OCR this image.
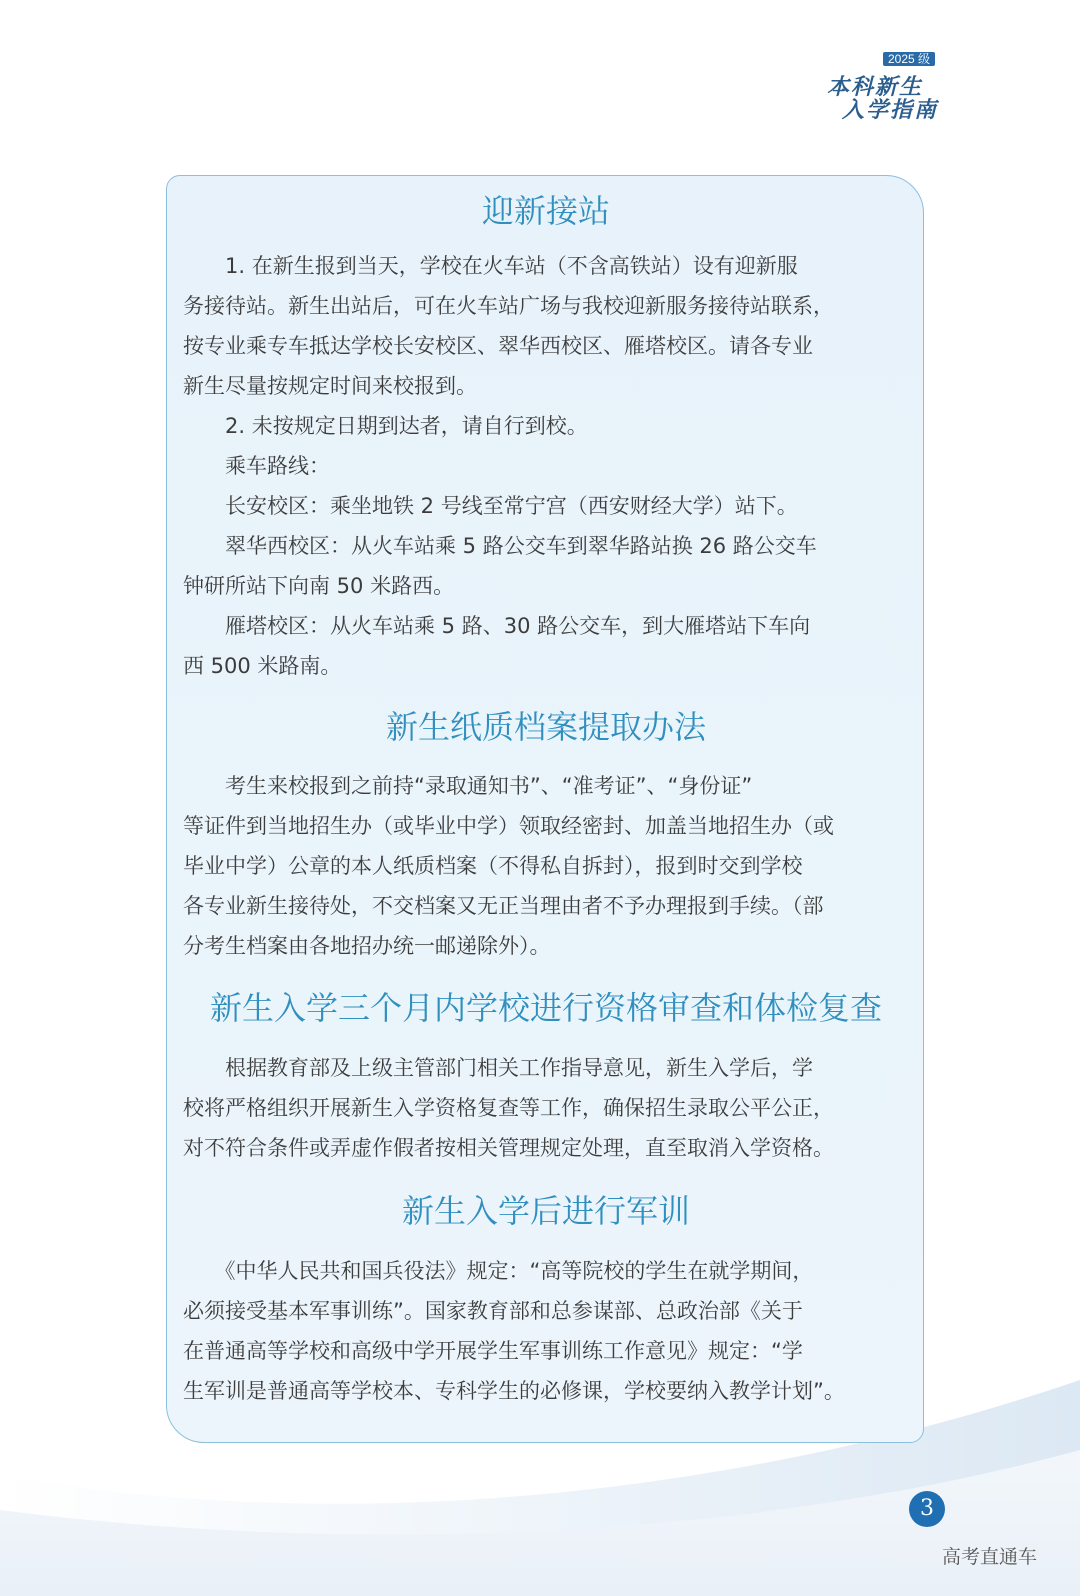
2025 级
本科新生
入学指南
迎新接站
　　1. 在新生报到当天，学校在火车站（不含高铁站）设有迎新服
务接待站。新生出站后，可在火车站广场与我校迎新服务接待站联系，
按专业乘专车抵达学校长安校区、翠华西校区、雁塔校区。请各专业
新生尽量按规定时间来校报到。
　　2. 未按规定日期到达者，请自行到校。
　　乘车路线：
　　长安校区：乘坐地铁 2 号线至常宁宫（西安财经大学）站下。
　　翠华西校区：从火车站乘 5 路公交车到翠华路站换 26 路公交车
钟研所站下向南 50 米路西。
　　雁塔校区：从火车站乘 5 路、30 路公交车，到大雁塔站下车向
西 500 米路南。
新生纸质档案提取办法
　　考生来校报到之前持“录取通知书”、“准考证”、“身份证”
等证件到当地招生办（或毕业中学）领取经密封、加盖当地招生办（或
毕业中学）公章的本人纸质档案（不得私自拆封），报到时交到学校
各专业新生接待处，不交档案又无正当理由者不予办理报到手续。（部
分考生档案由各地招办统一邮递除外）。
新生入学三个月内学校进行资格审查和体检复查
　　根据教育部及上级主管部门相关工作指导意见，新生入学后，学
校将严格组织开展新生入学资格复查等工作，确保招生录取公平公正，
对不符合条件或弄虚作假者按相关管理规定处理，直至取消入学资格。
新生入学后进行军训
　　《中华人民共和国兵役法》规定：“高等院校的学生在就学期间，
必须接受基本军事训练”。国家教育部和总参谋部、总政治部《关于
在普通高等学校和高级中学开展学生军事训练工作意见》规定：“学
生军训是普通高等学校本、专科学生的必修课，学校要纳入教学计划”。
3
高考直通车
